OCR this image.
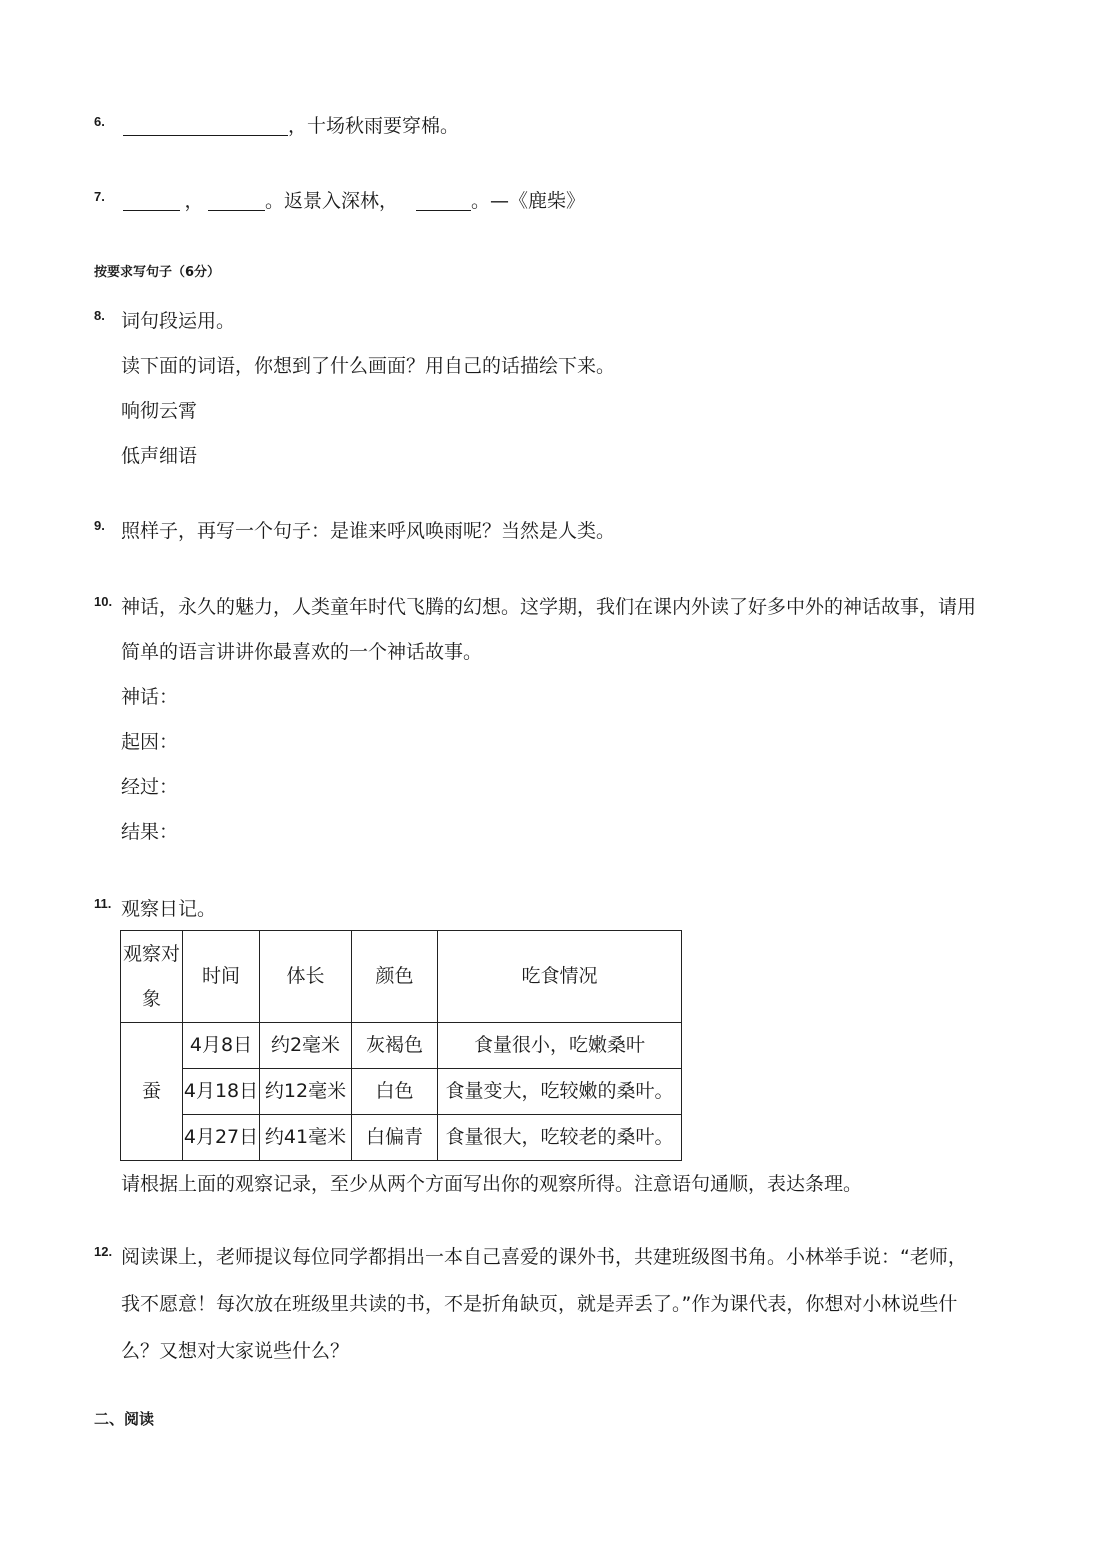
6.	，十场秋雨要穿棉。
7.	，	。返景入深林，	。—《鹿柴》
按要求写句子（6分）
8. 词句段运用。
读下面的词语，你想到了什么画面？用自己的话描绘下来。
响彻云霄
低声细语
9. 照样子，再写一个句子：是谁来呼风唤雨呢？当然是人类。
10. 神话，永久的魅力，人类童年时代飞腾的幻想。这学期，我们在课内外读了好多中外的神话故事，请用
简单的语言讲讲你最喜欢的一个神话故事。
神话：
起因：
经过：
结果：
11. 观察日记。
观察对象	时间	体长	颜色	吃食情况
蚕	4月8日	约2毫米	灰褐色	食量很小，吃嫩桑叶
	4月18日	约12毫米	白色	食量变大，吃较嫩的桑叶。
	4月27日	约41毫米	白偏青	食量很大，吃较老的桑叶。
请根据上面的观察记录，至少从两个方面写出你的观察所得。注意语句通顺，表达条理。
12. 阅读课上，老师提议每位同学都捐出一本自己喜爱的课外书，共建班级图书角。小林举手说：“老师，
我不愿意！每次放在班级里共读的书，不是折角缺页，就是弄丢了。”作为课代表，你想对小林说些什
么？又想对大家说些什么？
二、阅读
